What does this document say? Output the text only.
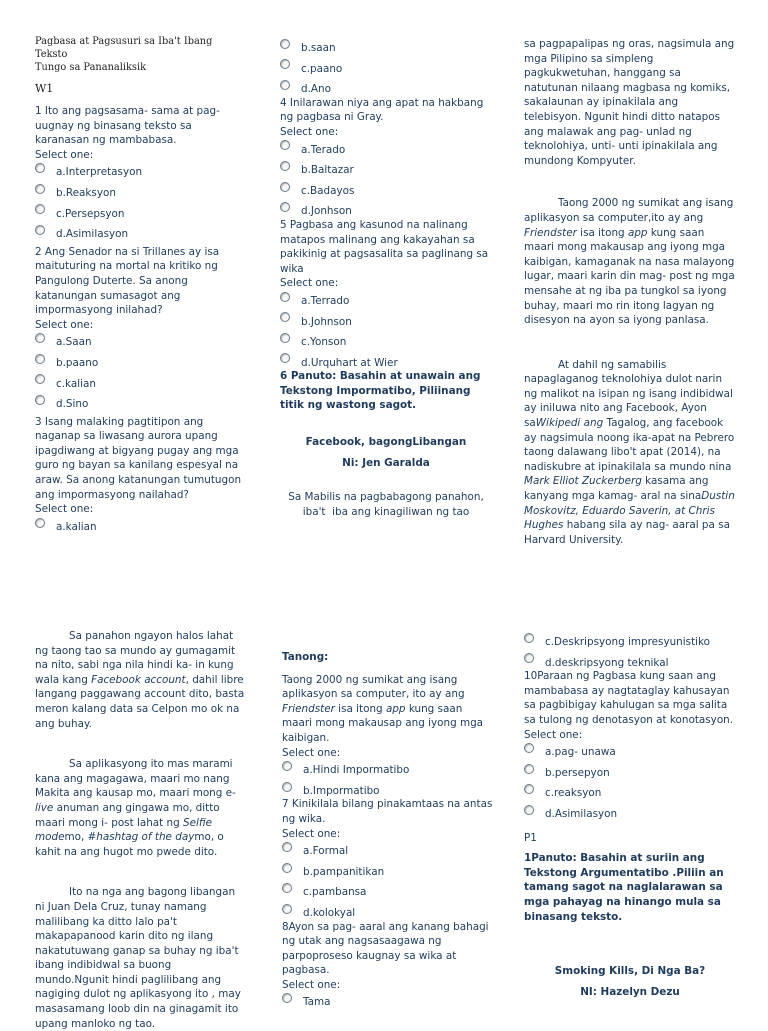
Pagbasa at Pagsusuri sa Iba't Ibang Teksto

Tungo sa Pananaliksik

W1

1 Ito ang pagsasama- sama at pag- uugnay ng binasang teksto sa karanasan ng mambabasa.

Select one:

a.Interpretasyon
b.Reaksyon
c.Persepsyon
d.Asimilasyon

2 Ang Senador na si Trillanes ay isa maituturing na mortal na kritiko ng Pangulong Duterte. Sa anong katanungan sumasagot ang impormasyong inilahad?

Select one:

a.Saan
b.paano
c.kalian
d.Sino

3 Isang malaking pagtitipon ang naganap sa liwasang aurora upang ipagdiwang at bigyang pugay ang mga guro ng bayan sa kanilang espesyal na araw. Sa anong katanungan tumutugon ang impormasyong nailahad?

Select one:

a.kalian
b.saan
c.paano
d.Ano

4 Inilarawan niya ang apat na hakbang ng pagbasa ni Gray.

Select one:

a.Terado
b.Baltazar
c.Badayos
d.Jonhson

5 Pagbasa ang kasunod na nalinang matapos malinang ang kakayahan sa pakikinig at pagsasalita sa paglinang sa wika

Select one:

a.Terrado
b.Johnson
c.Yonson
d.Urquhart at Wier

6 Panuto: Basahin at unawain ang Tekstong Impormatibo, Piliinang titik ng wastong sagot.

Facebook, bagongLibangan

Ni: Jen Garalda

Sa Mabilis na pagbabagong panahon, iba't  iba ang kinagiliwan ng tao

sa pagpapalipas ng oras, nagsimula ang mga Pilipino sa simpleng pagkukwetuhan, hanggang sa natutunan nilaang magbasa ng komiks, sakalaunan ay ipinakilala ang telebisyon. Ngunit hindi ditto natapos ang malawak ang pag- unlad ng teknolohiya, unti- unti ipinakilala ang mundong Kompyuter.

Taong 2000 ng sumikat ang isang aplikasyon sa computer,ito ay ang Friendster isa itong app kung saan maari mong makausap ang iyong mga kaibigan, kamaganak na nasa malayong lugar, maari karin din mag- post ng mga mensahe at ng iba pa tungkol sa iyong buhay, maari mo rin itong lagyan ng disesyon na ayon sa iyong panlasa.

At dahil ng samabilis napaglaganog teknolohiya dulot narin ng malikot na isipan ng isang indibidwal ay iniluwa nito ang Facebook, Ayon saWikipedi ang Tagalog, ang facebook ay nagsimula noong ika-apat na Pebrero taong dalawang libo't apat (2014), na nadiskubre at ipinakilala sa mundo nina Mark Elliot Zuckerberg kasama ang kanyang mga kamag- aral na sinaDustin Moskovitz, Eduardo Saverin, at Chris Hughes habang sila ay nag- aaral pa sa Harvard University.

Sa panahon ngayon halos lahat ng taong tao sa mundo ay gumagamit na nito, sabi nga nila hindi ka- in kung wala kang Facebook account, dahil libre langang paggawang account dito, basta meron kalang data sa Celpon mo ok na ang buhay.

Sa aplikasyong ito mas marami kana ang magagawa, maari mo nang Makita ang kausap mo, maari mong e-live anuman ang gingawa mo, ditto maari mong i- post lahat ng Selfie modemo, #hashtag of the daymo, o kahit na ang hugot mo pwede dito.

Ito na nga ang bagong libangan ni Juan Dela Cruz, tunay namang malilibang ka ditto lalo pa't makapapanood karin dito ng ilang nakatutuwang ganap sa buhay ng iba't ibang indibidwal sa buong mundo.Ngunit hindi paglilibang ang nagiging dulot ng aplikasyong ito , may masasamang loob din na ginagamit ito upang manloko ng tao.

Tanong:

Taong 2000 ng sumikat ang isang aplikasyon sa computer, ito ay ang Friendster isa itong app kung saan maari mong makausap ang iyong mga kaibigan.

Select one:

a.Hindi Impormatibo
b.Impormatibo

7 Kinikilala bilang pinakamtaas na antas ng wika.

Select one:

a.Formal
b.pampanitikan
c.pambansa
d.kolokyal

8Ayon sa pag- aaral ang kanang bahagi ng utak ang nagsasaagawa ng parpoproseso kaugnay sa wika at pagbasa.

Select one:

Tama
c.Deskripsyong impresyunistiko
d.deskripsyong teknikal

10Paraan ng Pagbasa kung saan ang mambabasa ay nagtataglay kahusayan sa pagbibigay kahulugan sa mga salita sa tulong ng denotasyon at konotasyon.

Select one:

a.pag- unawa
b.persepyon
c.reaksyon
d.Asimilasyon

P1

1Panuto: Basahin at suriin ang Tekstong Argumentatibo .Piliin an tamang sagot na naglalarawan sa mga pahayag na hinango mula sa binasang teksto.

Smoking Kills, Di Nga Ba?

NI: Hazelyn Dezu
